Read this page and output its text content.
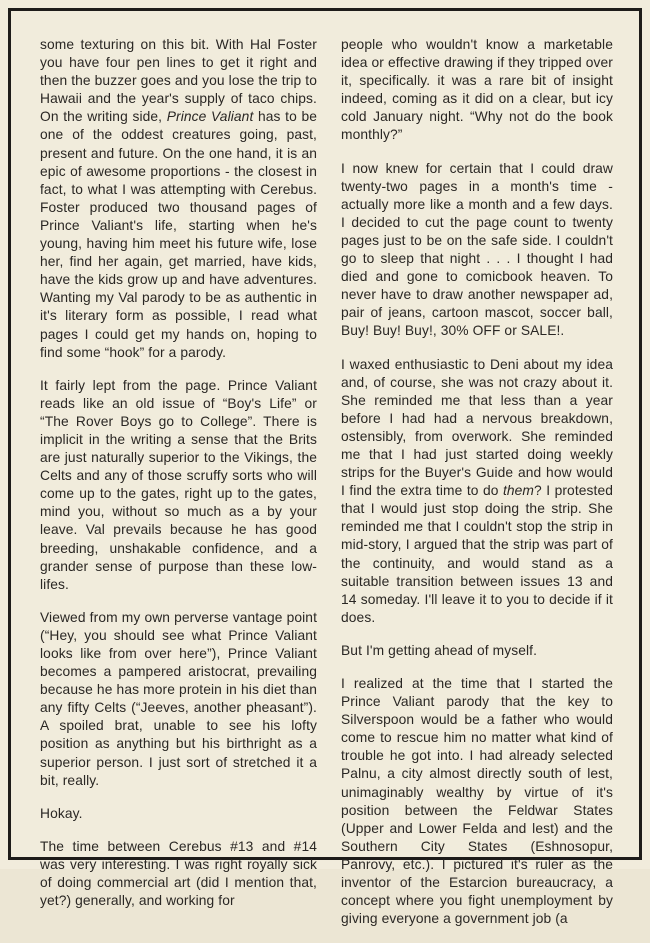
some texturing on this bit. With Hal Foster you have four pen lines to get it right and then the buzzer goes and you lose the trip to Hawaii and the year's supply of taco chips. On the writing side, Prince Valiant has to be one of the oddest creatures going, past, present and future. On the one hand, it is an epic of awesome proportions - the closest in fact, to what I was attempting with Cerebus. Foster produced two thousand pages of Prince Valiant's life, starting when he's young, having him meet his future wife, lose her, find her again, get married, have kids, have the kids grow up and have adventures. Wanting my Val parody to be as authentic in it's literary form as possible, I read what pages I could get my hands on, hoping to find some “hook” for a parody.

It fairly lept from the page. Prince Valiant reads like an old issue of “Boy's Life” or “The Rover Boys go to College”. There is implicit in the writing a sense that the Brits are just naturally superior to the Vikings, the Celts and any of those scruffy sorts who will come up to the gates, right up to the gates, mind you, without so much as a by your leave. Val prevails because he has good breeding, unshakable confidence, and a grander sense of purpose than these low-lifes.

Viewed from my own perverse vantage point (“Hey, you should see what Prince Valiant looks like from over here”), Prince Valiant becomes a pampered aristocrat, prevailing because he has more protein in his diet than any fifty Celts (“Jeeves, another pheasant”). A spoiled brat, unable to see his lofty position as anything but his birthright as a superior person. I just sort of stretched it a bit, really.

Hokay.

The time between Cerebus #13 and #14 was very interesting. I was right royally sick of doing commercial art (did I mention that, yet?) generally, and working for

people who wouldn't know a marketable idea or effective drawing if they tripped over it, specifically. it was a rare bit of insight indeed, coming as it did on a clear, but icy cold January night. “Why not do the book monthly?”

I now knew for certain that I could draw twenty-two pages in a month's time - actually more like a month and a few days. I decided to cut the page count to twenty pages just to be on the safe side. I couldn't go to sleep that night . . . I thought I had died and gone to comicbook heaven. To never have to draw another newspaper ad, pair of jeans, cartoon mascot, soccer ball, Buy! Buy! Buy!, 30% OFF or SALE!.

I waxed enthusiastic to Deni about my idea and, of course, she was not crazy about it. She reminded me that less than a year before I had had a nervous breakdown, ostensibly, from overwork. She reminded me that I had just started doing weekly strips for the Buyer's Guide and how would I find the extra time to do them? I protested that I would just stop doing the strip. She reminded me that I couldn't stop the strip in mid-story, I argued that the strip was part of the continuity, and would stand as a suitable transition between issues 13 and 14 someday. I'll leave it to you to decide if it does.

But I'm getting ahead of myself.

I realized at the time that I started the Prince Valiant parody that the key to Silverspoon would be a father who would come to rescue him no matter what kind of trouble he got into. I had already selected Palnu, a city almost directly south of lest, unimaginably wealthy by virtue of it's position between the Feldwar States (Upper and Lower Felda and lest) and the Southern City States (Eshnosopur, Panrovy, etc.). I pictured it's ruler as the inventor of the Estarcion bureaucracy, a concept where you fight unemployment by giving everyone a government job (a
